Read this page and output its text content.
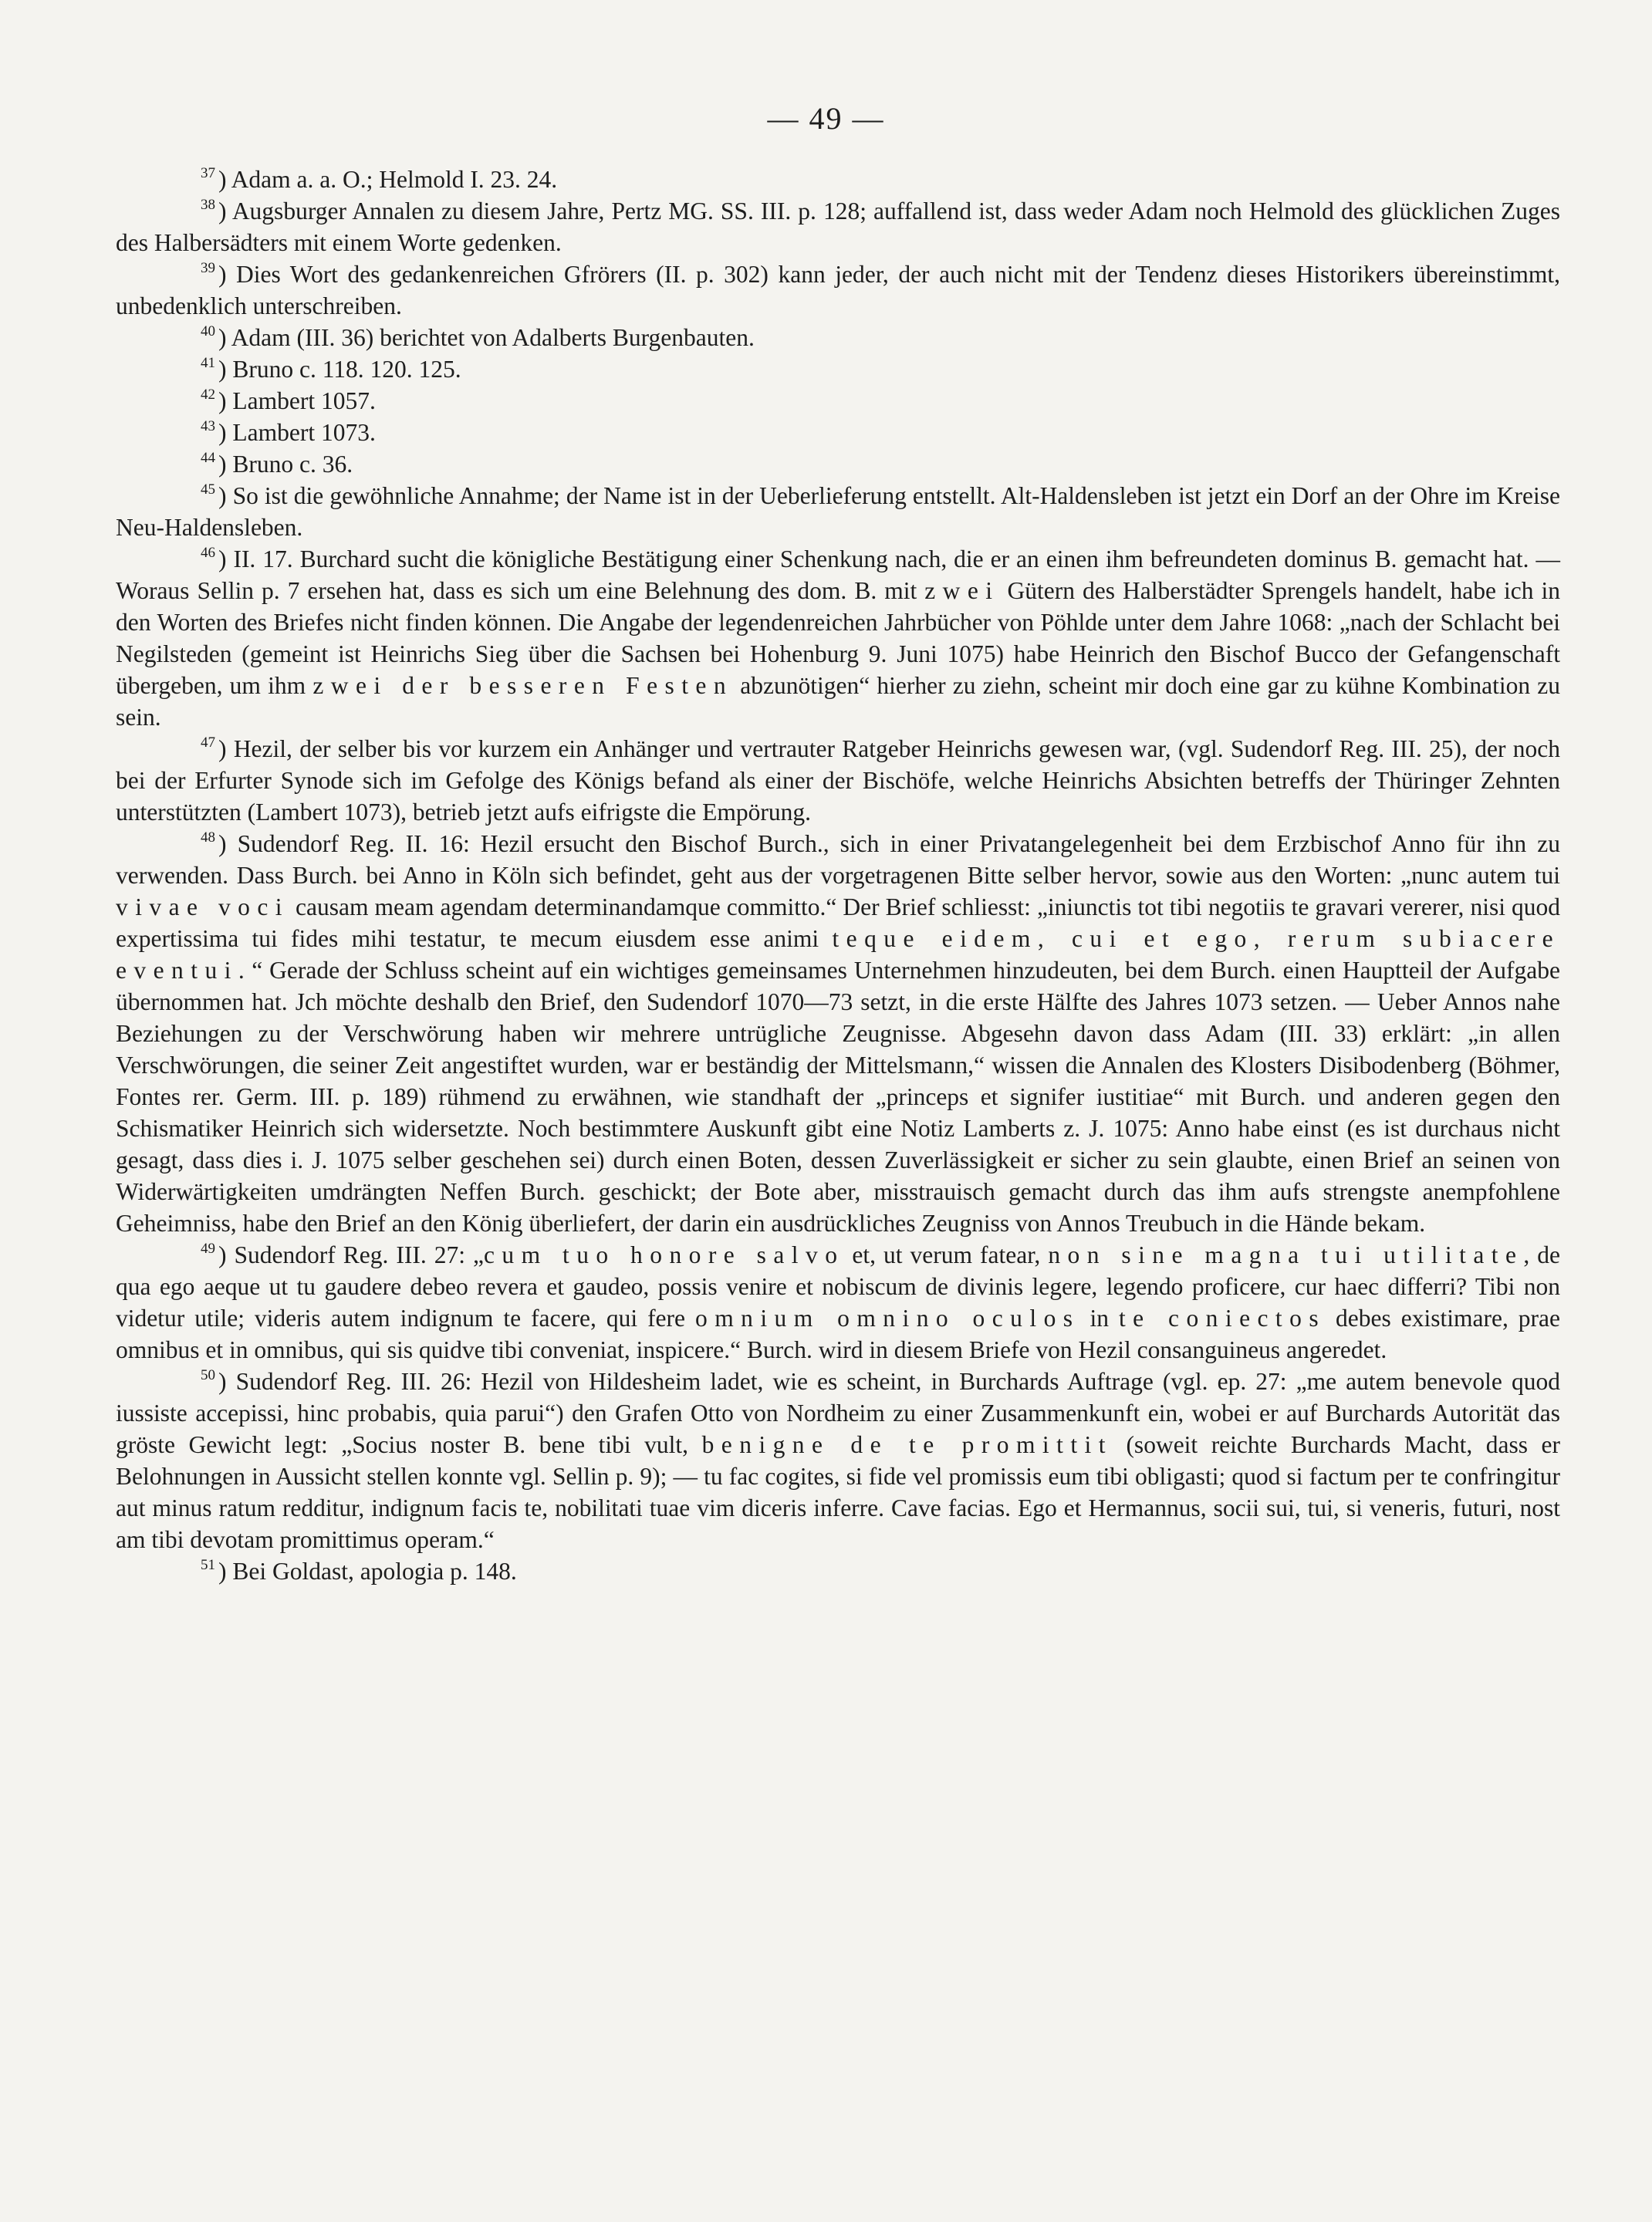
— 49 —

$^{37}$ ) Adam a. a. O.; Helmold I. 23. 24.

$^{38}$ ) Augsburger Annalen zu diesem Jahre, Pertz MG. SS. III. p. 128; auffallend ist, dass weder Adam noch Helmold des glücklichen Zuges des Halbersädters mit einem Worte gedenken.

$^{39}$ ) Dies Wort des gedankenreichen Gfrörers (II. p. 302) kann jeder, der auch nicht mit der Tendenz dieses Historikers übereinstimmt, unbedenklich unterschreiben.

$^{40}$ ) Adam (III. 36) berichtet von Adalberts Burgenbauten.

$^{41}$ ) Bruno c. 118. 120. 125.

$^{42}$ ) Lambert 1057.

$^{43}$ ) Lambert 1073.

$^{44}$ ) Bruno c. 36.

$^{45}$ ) So ist die gewöhnliche Annahme; der Name ist in der Ueberlieferung entstellt. Alt-Haldensleben ist jetzt ein Dorf an der Ohre im Kreise Neu-Haldensleben.

$^{46}$ ) II. 17. Burchard sucht die königliche Bestätigung einer Schenkung nach, die er an einen ihm befreundeten dominus B. gemacht hat. — Woraus Sellin p. 7 ersehen hat, dass es sich um eine Belehnung des dom. B. mit zwei Gütern des Halberstädter Sprengels handelt, habe ich in den Worten des Briefes nicht finden können. Die Angabe der legendenreichen Jahrbücher von Pöhlde unter dem Jahre 1068: „nach der Schlacht bei Negilsteden (gemeint ist Heinrichs Sieg über die Sachsen bei Hohenburg 9. Juni 1075) habe Heinrich den Bischof Bucco der Gefangenschaft übergeben, um ihm zwei der besseren Festen abzunötigen“ hierher zu ziehn, scheint mir doch eine gar zu kühne Kombination zu sein.

$^{47}$ ) Hezil, der selber bis vor kurzem ein Anhänger und vertrauter Ratgeber Heinrichs gewesen war, (vgl. Sudendorf Reg. III. 25), der noch bei der Erfurter Synode sich im Gefolge des Königs befand als einer der Bischöfe, welche Heinrichs Absichten betreffs der Thüringer Zehnten unterstützten (Lambert 1073), betrieb jetzt aufs eifrigste die Empörung.

$^{48}$ ) Sudendorf Reg. II. 16: Hezil ersucht den Bischof Burch., sich in einer Privatangelegenheit bei dem Erzbischof Anno für ihn zu verwenden. Dass Burch. bei Anno in Köln sich befindet, geht aus der vorgetragenen Bitte selber hervor, sowie aus den Worten: „nunc autem tui vivae voci causam meam agendam determinandamque committo.“ Der Brief schliesst: „iniunctis tot tibi negotiis te gravari vererer, nisi quod expertissima tui fides mihi testatur, te mecum eiusdem esse animi teque eidem, cui et ego, rerum subiacere eventui.“ Gerade der Schluss scheint auf ein wichtiges gemeinsames Unternehmen hinzudeuten, bei dem Burch. einen Hauptteil der Aufgabe übernommen hat. Jch möchte deshalb den Brief, den Sudendorf 1070—73 setzt, in die erste Hälfte des Jahres 1073 setzen. — Ueber Annos nahe Beziehungen zu der Verschwörung haben wir mehrere untrügliche Zeugnisse. Abgesehn davon dass Adam (III. 33) erklärt: „in allen Verschwörungen, die seiner Zeit angestiftet wurden, war er beständig der Mittelsmann,“ wissen die Annalen des Klosters Disibodenberg (Böhmer, Fontes rer. Germ. III. p. 189) rühmend zu erwähnen, wie standhaft der „princeps et signifer iustitiae“ mit Burch. und anderen gegen den Schismatiker Heinrich sich widersetzte. Noch bestimmtere Auskunft gibt eine Notiz Lamberts z. J. 1075: Anno habe einst (es ist durchaus nicht gesagt, dass dies i. J. 1075 selber geschehen sei) durch einen Boten, dessen Zuverlässigkeit er sicher zu sein glaubte, einen Brief an seinen von Widerwärtigkeiten umdrängten Neffen Burch. geschickt; der Bote aber, misstrauisch gemacht durch das ihm aufs strengste anempfohlene Geheimniss, habe den Brief an den König überliefert, der darin ein ausdrückliches Zeugniss von Annos Treubuch in die Hände bekam.

$^{49}$ ) Sudendorf Reg. III. 27: „cum tuo honore salvo et, ut verum fatear, non sine magna tui utilitate, de qua ego aeque ut tu gaudere debeo revera et gaudeo, possis venire et nobiscum de divinis legere, legendo proficere, cur haec differri? Tibi non videtur utile; videris autem indignum te facere, qui fere omnium omnino oculos in te coniectos debes existimare, prae omnibus et in omnibus, qui sis quidve tibi conveniat, inspicere.“ Burch. wird in diesem Briefe von Hezil consanguineus angeredet.

$^{50}$ ) Sudendorf Reg. III. 26: Hezil von Hildesheim ladet, wie es scheint, in Burchards Auftrage (vgl. ep. 27: „me autem benevole quod iussiste accepissi, hinc probabis, quia parui“) den Grafen Otto von Nordheim zu einer Zusammenkunft ein, wobei er auf Burchards Autorität das gröste Gewicht legt: „Socius noster B. bene tibi vult, benigne de te promittit (soweit reichte Burchards Macht, dass er Belohnungen in Aussicht stellen konnte vgl. Sellin p. 9); — tu fac cogites, si fide vel promissis eum tibi obligasti; quod si factum per te confringitur aut minus ratum redditur, indignum facis te, nobilitati tuae vim diceris inferre. Cave facias. Ego et Hermannus, socii sui, tui, si veneris, futuri, nost am tibi devotam promittimus operam.“

$^{51}$ ) Bei Goldast, apologia p. 148.
